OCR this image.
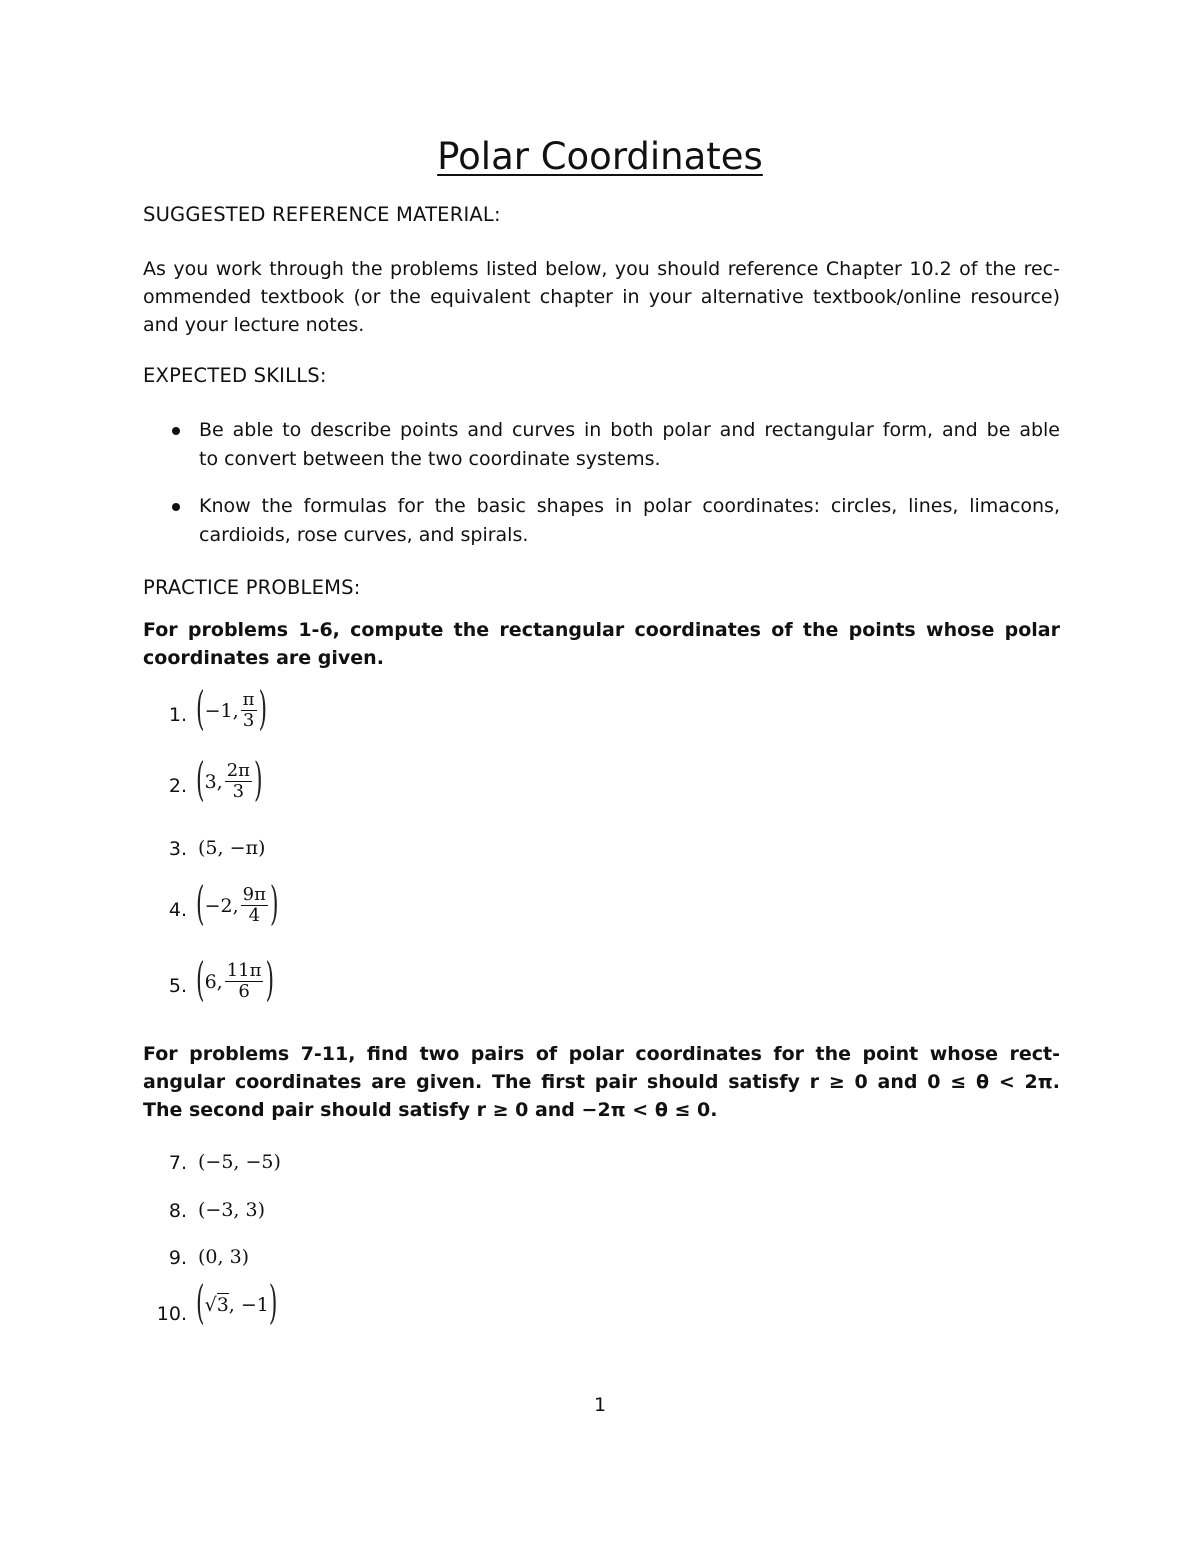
Polar Coordinates
SUGGESTED REFERENCE MATERIAL:
As you work through the problems listed below, you should reference Chapter 10.2 of the rec-
ommended textbook (or the equivalent chapter in your alternative textbook/online resource)
and your lecture notes.
EXPECTED SKILLS:
Be able to describe points and curves in both polar and rectangular form, and be able
to convert between the two coordinate systems.
Know the formulas for the basic shapes in polar coordinates: circles, lines, limacons,
cardioids, rose curves, and spirals.
PRACTICE PROBLEMS:
For problems 1-6, compute the rectangular coordinates of the points whose polar
coordinates are given.
1. ( −1, $\frac{\pi}{3}$ )
2. ( 3, $\frac{2\pi}{3}$ )
3. (5, −π)
4. ( −2, $\frac{9\pi}{4}$ )
5. ( 6, $\frac{11\pi}{6}$ )
For problems 7-11, find two pairs of polar coordinates for the point whose rect-
angular coordinates are given. The first pair should satisfy r ≥ 0 and 0 ≤ θ < 2π.
The second pair should satisfy r ≥ 0 and −2π < θ ≤ 0.
7. (−5, −5)
8. (−3, 3)
9. (0, 3)
10. ( √ 3 , −1 )
1
